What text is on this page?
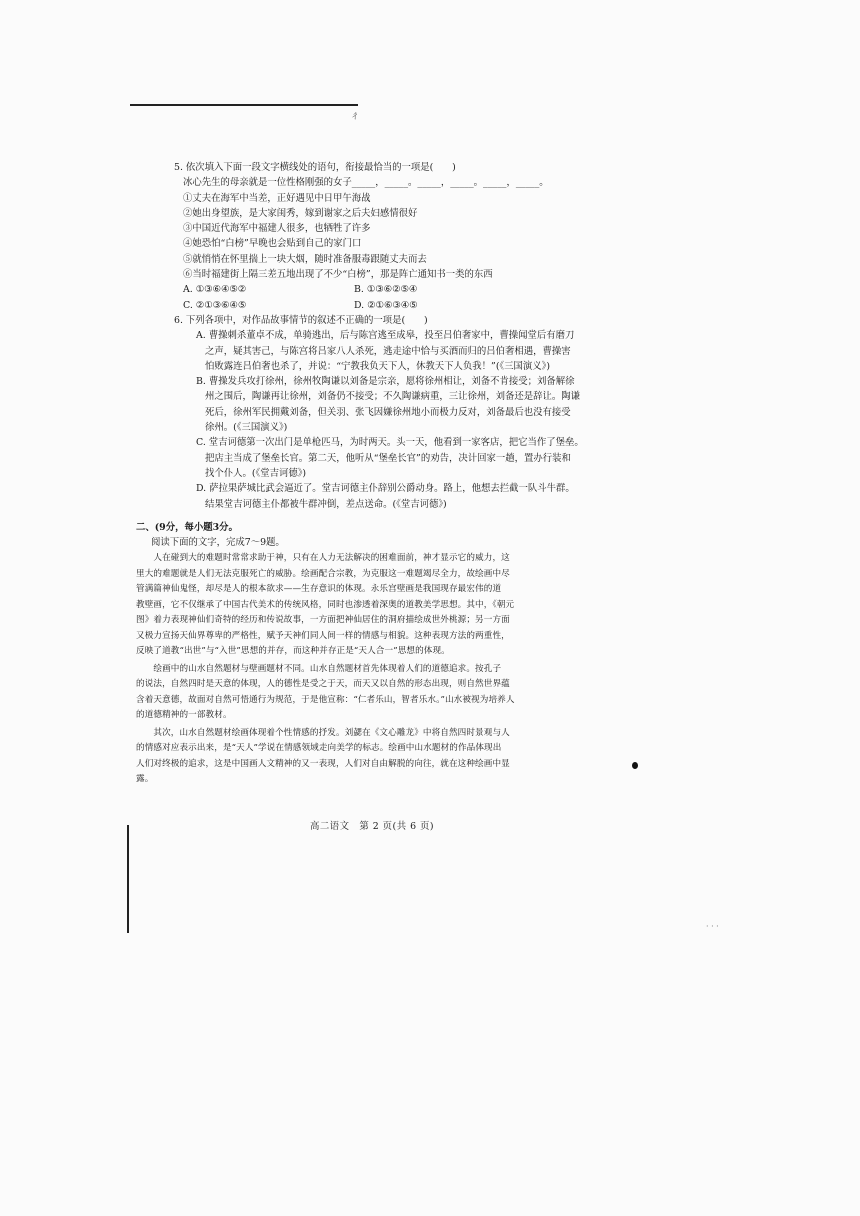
ㄔ
· · ·

5. 依次填入下面一段文字横线处的语句，衔接最恰当的一项是(　　)

冰心先生的母亲就是一位性格刚强的女子_____，_____。_____，_____。_____，_____。

①丈夫在海军中当差，正好遇见中日甲午海战

②她出身望族，是大家闺秀，嫁到谢家之后夫妇感情很好

③中国近代海军中福建人很多，也牺牲了许多

④她恐怕“白榜”早晚也会贴到自己的家门口

⑤就悄悄在怀里揣上一块大烟，随时准备服毒跟随丈夫而去

⑥当时福建街上隔三差五地出现了不少“白榜”，那是阵亡通知书一类的东西

A. ①③⑥④⑤②	B. ①③⑥②⑤④
C. ②①③⑥④⑤	D. ②①⑥③④⑤

6. 下列各项中，对作品故事情节的叙述不正确的一项是(　　)

A. 曹操刺杀董卓不成，单骑逃出，后与陈宫逃至成皋，投至吕伯奢家中，曹操闻堂后有磨刀

之声，疑其害己，与陈宫将吕家八人杀死，逃走途中恰与买酒而归的吕伯奢相遇，曹操害

怕败露连吕伯奢也杀了，并说：“宁教我负天下人，休教天下人负我！”(《三国演义》)

B. 曹操发兵攻打徐州，徐州牧陶谦以刘备是宗亲，愿将徐州相让，刘备不肯接受；刘备解徐

州之围后，陶谦再让徐州，刘备仍不接受；不久陶谦病重，三让徐州，刘备还是辞让。陶谦

死后，徐州军民拥戴刘备，但关羽、张飞因嫌徐州地小而极力反对，刘备最后也没有接受

徐州。(《三国演义》)

C. 堂吉诃德第一次出门是单枪匹马，为时两天。头一天，他看到一家客店，把它当作了堡垒。

把店主当成了堡垒长官。第二天，他听从“堡垒长官”的劝告，决计回家一趟，置办行装和

找个仆人。(《堂吉诃德》)

D. 萨拉果萨城比武会逼近了。堂吉诃德主仆辞别公爵动身。路上，他想去拦截一队斗牛群。

结果堂吉诃德主仆都被牛群冲倒，差点送命。(《堂吉诃德》)

二、(9分，每小题3分。

阅读下面的文字，完成7～9题。

　　人在碰到大的难题时常常求助于神，只有在人力无法解决的困难面前，神才显示它的威力，这

里大的难题就是人们无法克服死亡的威胁。绘画配合宗教，为克服这一难题竭尽全力，故绘画中尽

管满篇神仙鬼怪，却尽是人的根本欲求——生存意识的体现。永乐宫壁画是我国现存最宏伟的道

教壁画，它不仅继承了中国古代美术的传统风格，同时也渗透着深奥的道教美学思想。其中，《朝元

图》着力表现神仙们奇特的经历和传说故事，一方面把神仙居住的洞府描绘成世外桃源；另一方面

又极力宣扬天仙界尊卑的严格性，赋予天神们同人间一样的情感与相貌。这种表现方法的两重性，

反映了道教“出世”与“入世”思想的并存，而这种并存正是“天人合一”思想的体现。

　　绘画中的山水自然题材与壁画题材不同。山水自然题材首先体现着人们的道德追求。按孔子

的说法，自然四时是天意的体现，人的德性是受之于天，而天又以自然的形态出现，则自然世界蕴

含着天意德，故面对自然可悟通行为规范，于是他宣称：“仁者乐山，智者乐水。”山水被视为培养人

的道德精神的一部教材。

　　其次，山水自然题材绘画体现着个性情感的抒发。刘勰在《文心雕龙》中将自然四时景观与人

的情感对应表示出来，是“天人”学说在情感领域走向美学的标志。绘画中山水题材的作品体现出

人们对终极的追求，这是中国画人文精神的又一表现，人们对自由解脱的向往，就在这种绘画中显

露。

高二语文　第 2 页(共 6 页)
